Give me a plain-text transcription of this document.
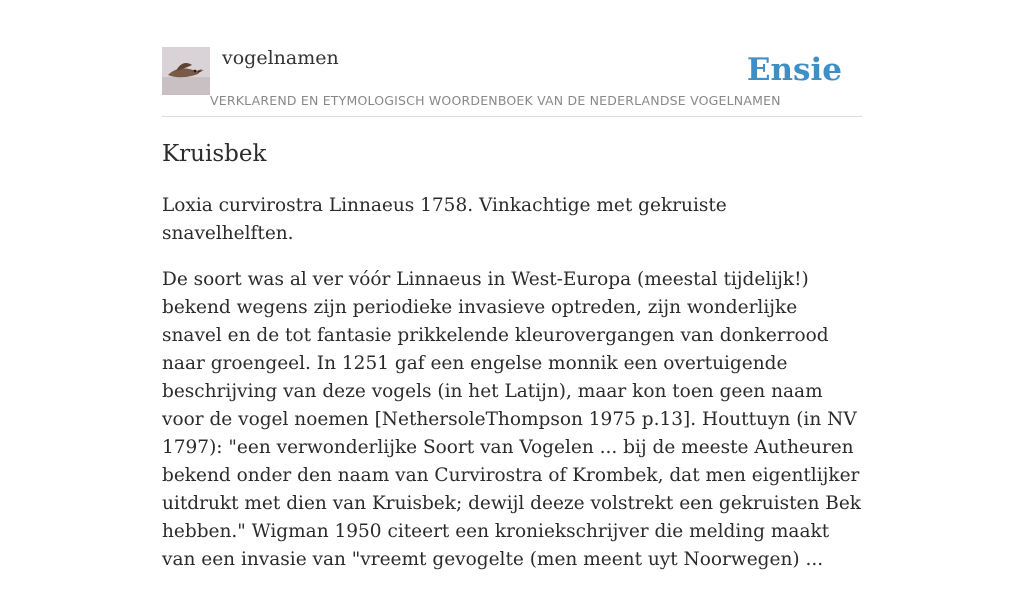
vogelnamen	Ensie
VERKLAREND EN ETYMOLOGISCH WOORDENBOEK VAN DE NEDERLANDSE VOGELNAMEN
Kruisbek

Loxia curvirostra Linnaeus 1758. Vinkachtige met gekruiste snavelhelften.

De soort was al ver vóór Linnaeus in West-Europa (meestal tijdelijk!) bekend wegens zijn periodieke invasieve optreden, zijn wonderlijke snavel en de tot fantasie prikkelende kleurovergangen van donkerrood naar groengeel. In 1251 gaf een engelse monnik een overtuigende beschrijving van deze vogels (in het Latijn), maar kon toen geen naam voor de vogel noemen [NethersoleThompson 1975 p.13]. Houttuyn (in NV 1797): "een verwonderlijke Soort van Vogelen ... bij de meeste Autheuren bekend onder den naam van Curvirostra of Krombek, dat men eigentlijker uitdrukt met dien van Kruisbek; dewijl deeze volstrekt een gekruisten Bek hebben." Wigman 1950 citeert een kroniekschrijver die melding maakt van een invasie van "vreemt gevogelte (men meent uyt Noorwegen) ...
